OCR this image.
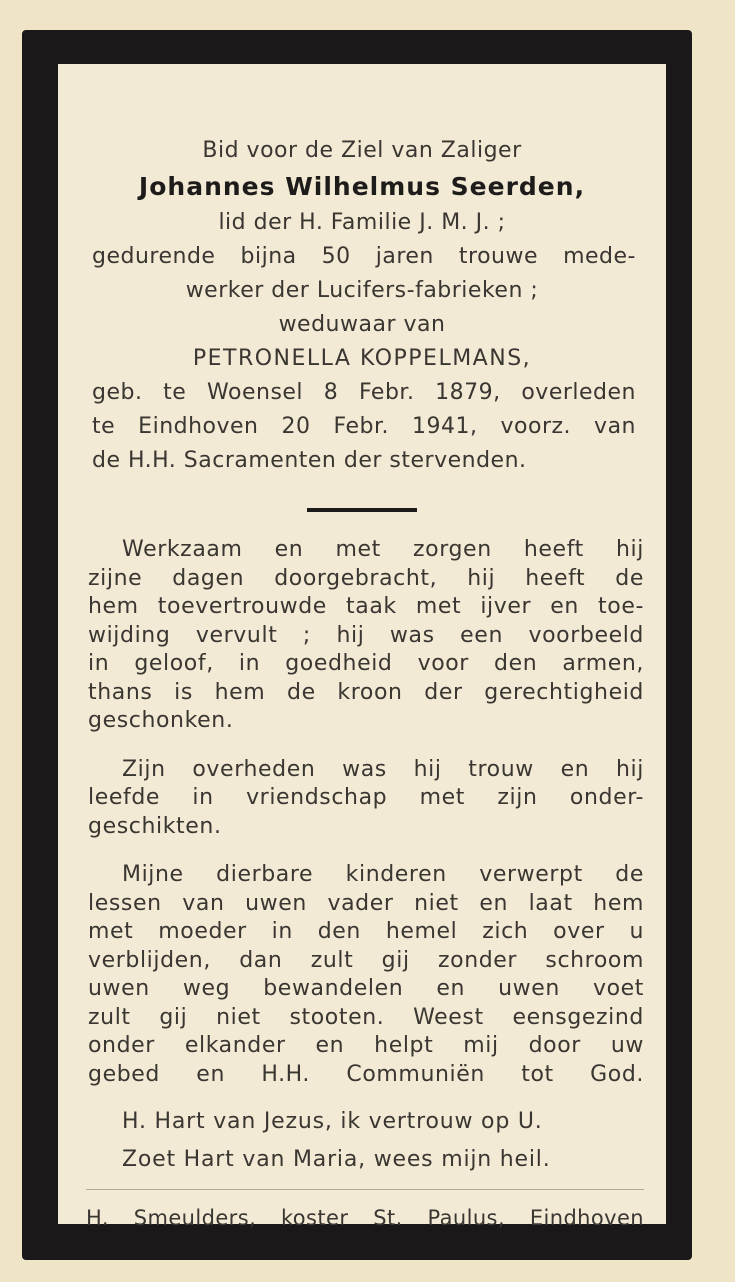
Bid voor de Ziel van Zaliger
Johannes Wilhelmus Seerden,
lid der H. Familie J. M. J. ;
gedurende bijna 50 jaren trouwe mede-
werker der Lucifers-fabrieken ;
weduwaar van
PETRONELLA KOPPELMANS,
geb. te Woensel 8 Febr. 1879, overleden
te Eindhoven 20 Febr. 1941, voorz. van
de H.H. Sacramenten der stervenden.
Werkzaam en met zorgen heeft hij
zijne dagen doorgebracht, hij heeft de
hem toevertrouwde taak met ijver en toe-
wijding vervult ; hij was een voorbeeld
in geloof, in goedheid voor den armen,
thans is hem de kroon der gerechtigheid
geschonken.
Zijn overheden was hij trouw en hij
leefde in vriendschap met zijn onder-
geschikten.
Mijne dierbare kinderen verwerpt de
lessen van uwen vader niet en laat hem
met moeder in den hemel zich over u
verblijden, dan zult gij zonder schroom
uwen weg bewandelen en uwen voet
zult gij niet stooten. Weest eensgezind
onder elkander en helpt mij door uw
gebed en H.H. Communiën tot God.
H. Hart van Jezus, ik vertrouw op U.
Zoet Hart van Maria, wees mijn heil.
H. Smeulders, koster St. Paulus, Eindhoven
